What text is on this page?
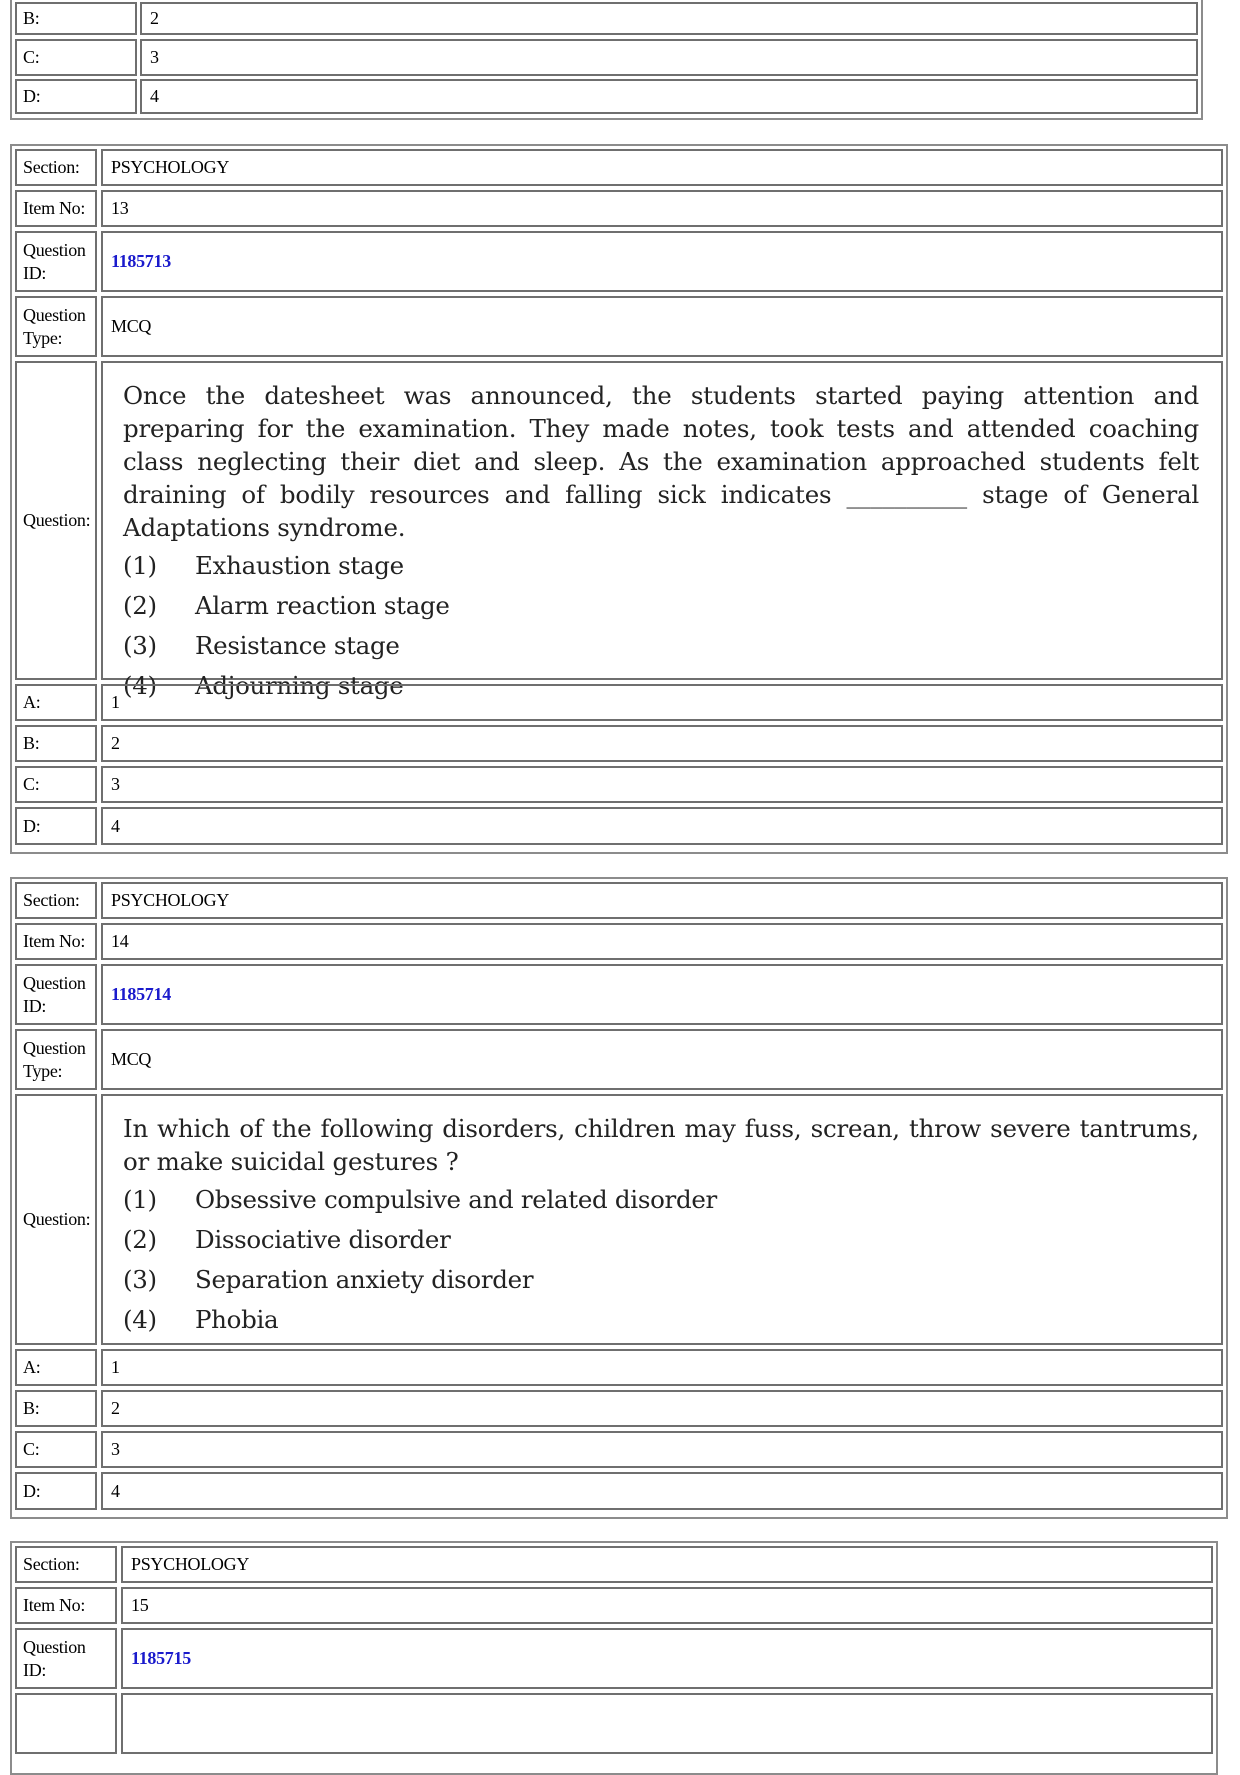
B:	2
C:	3
D:	4
Section:	PSYCHOLOGY
Item No:	13
Question ID:
1185713
Question Type:
MCQ
Question:
Once the datesheet was announced, the students started paying attention and preparing for the examination. They made notes, took tests and attended coaching class neglecting their diet and sleep. As the examination approached students felt draining of bodily resources and falling sick indicates __________ stage of General Adaptations syndrome.
(1)	Exhaustion stage
(2)	Alarm reaction stage
(3)	Resistance stage
(4)	Adjourning stage
A:	1
B:	2
C:	3
D:	4
Section:	PSYCHOLOGY
Item No:	14
Question ID:
1185714
Question Type:
MCQ
Question:
In which of the following disorders, children may fuss, screan, throw severe tantrums, or make suicidal gestures ?
(1)	Obsessive compulsive and related disorder
(2)	Dissociative disorder
(3)	Separation anxiety disorder
(4)	Phobia
A:	1
B:	2
C:	3
D:	4
Section:	PSYCHOLOGY
Item No:	15
Question ID:
1185715
